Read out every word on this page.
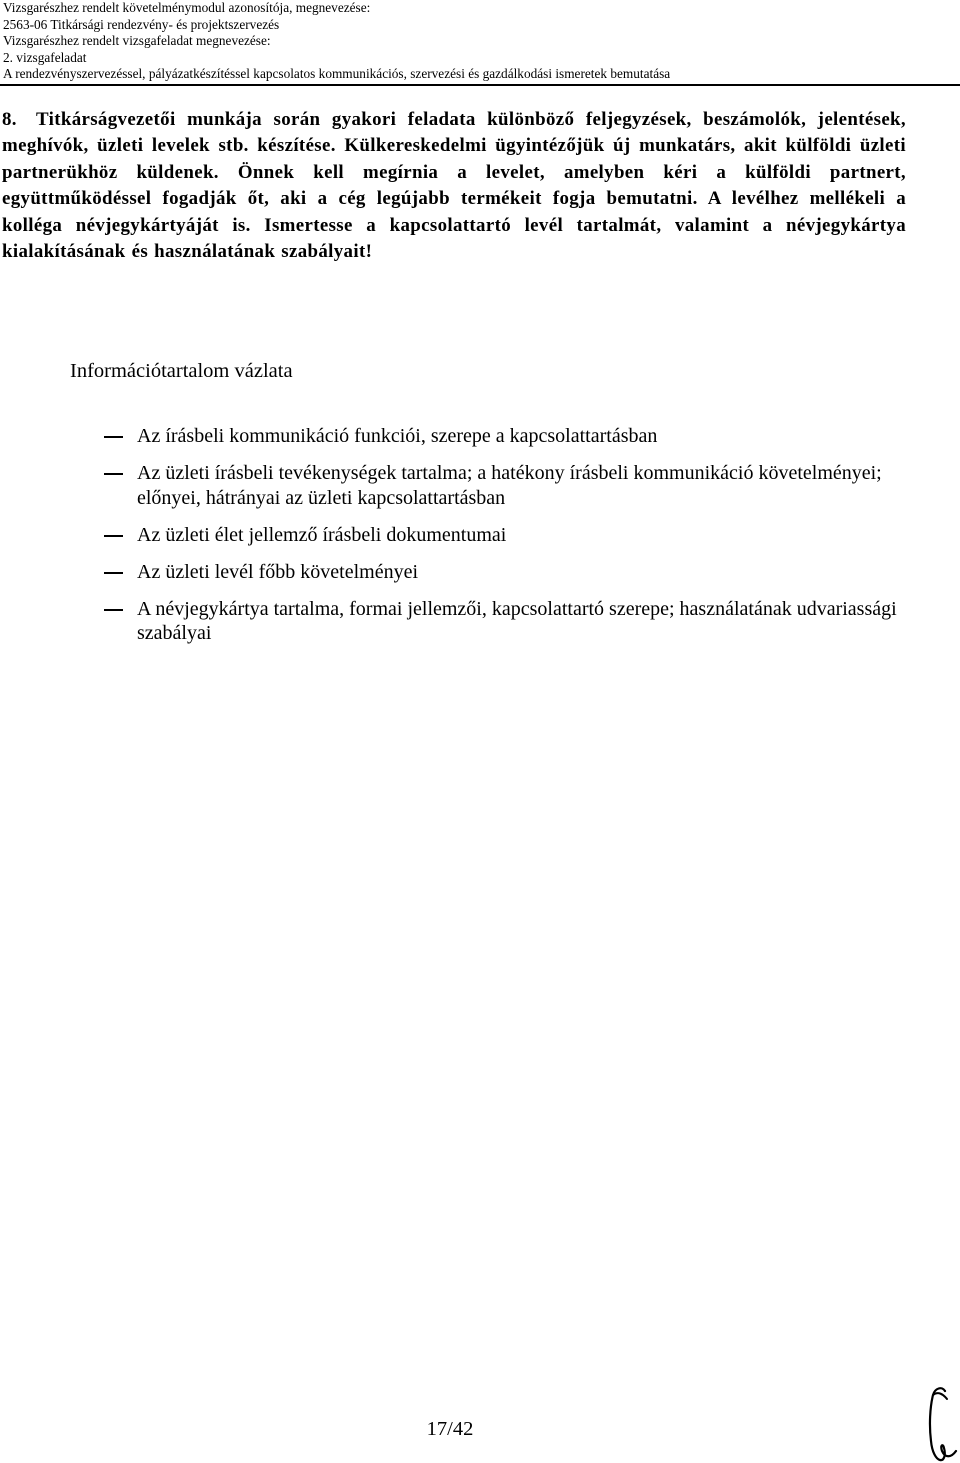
Vizsgarészhez rendelt követelménymodul azonosítója, megnevezése:
2563-06 Titkársági rendezvény- és projektszervezés
Vizsgarészhez rendelt vizsgafeladat megnevezése:
2. vizsgafeladat
A rendezvényszervezéssel, pályázatkészítéssel kapcsolatos kommunikációs, szervezési és gazdálkodási ismeretek bemutatása
8. Titkárságvezetői munkája során gyakori feladata különböző feljegyzések, beszámolók, jelentések, meghívók, üzleti levelek stb. készítése. Külkereskedelmi ügyintézőjük új munkatárs, akit külföldi üzleti partnerükhöz küldenek. Önnek kell megírnia a levelet, amelyben kéri a külföldi partnert, együttműködéssel fogadják őt, aki a cég legújabb termékeit fogja bemutatni. A levélhez mellékeli a kolléga névjegykártyáját is. Ismertesse a kapcsolattartó levél tartalmát, valamint a névjegykártya kialakításának és használatának szabályait!
Információtartalom vázlata
Az írásbeli kommunikáció funkciói, szerepe a kapcsolattartásban
Az üzleti írásbeli tevékenységek tartalma; a hatékony írásbeli kommunikáció követelményei; előnyei, hátrányai az üzleti kapcsolattartásban
Az üzleti élet jellemző írásbeli dokumentumai
Az üzleti levél főbb követelményei
A névjegykártya tartalma, formai jellemzői, kapcsolattartó szerepe; használatának udvariassági szabályai
17/42
